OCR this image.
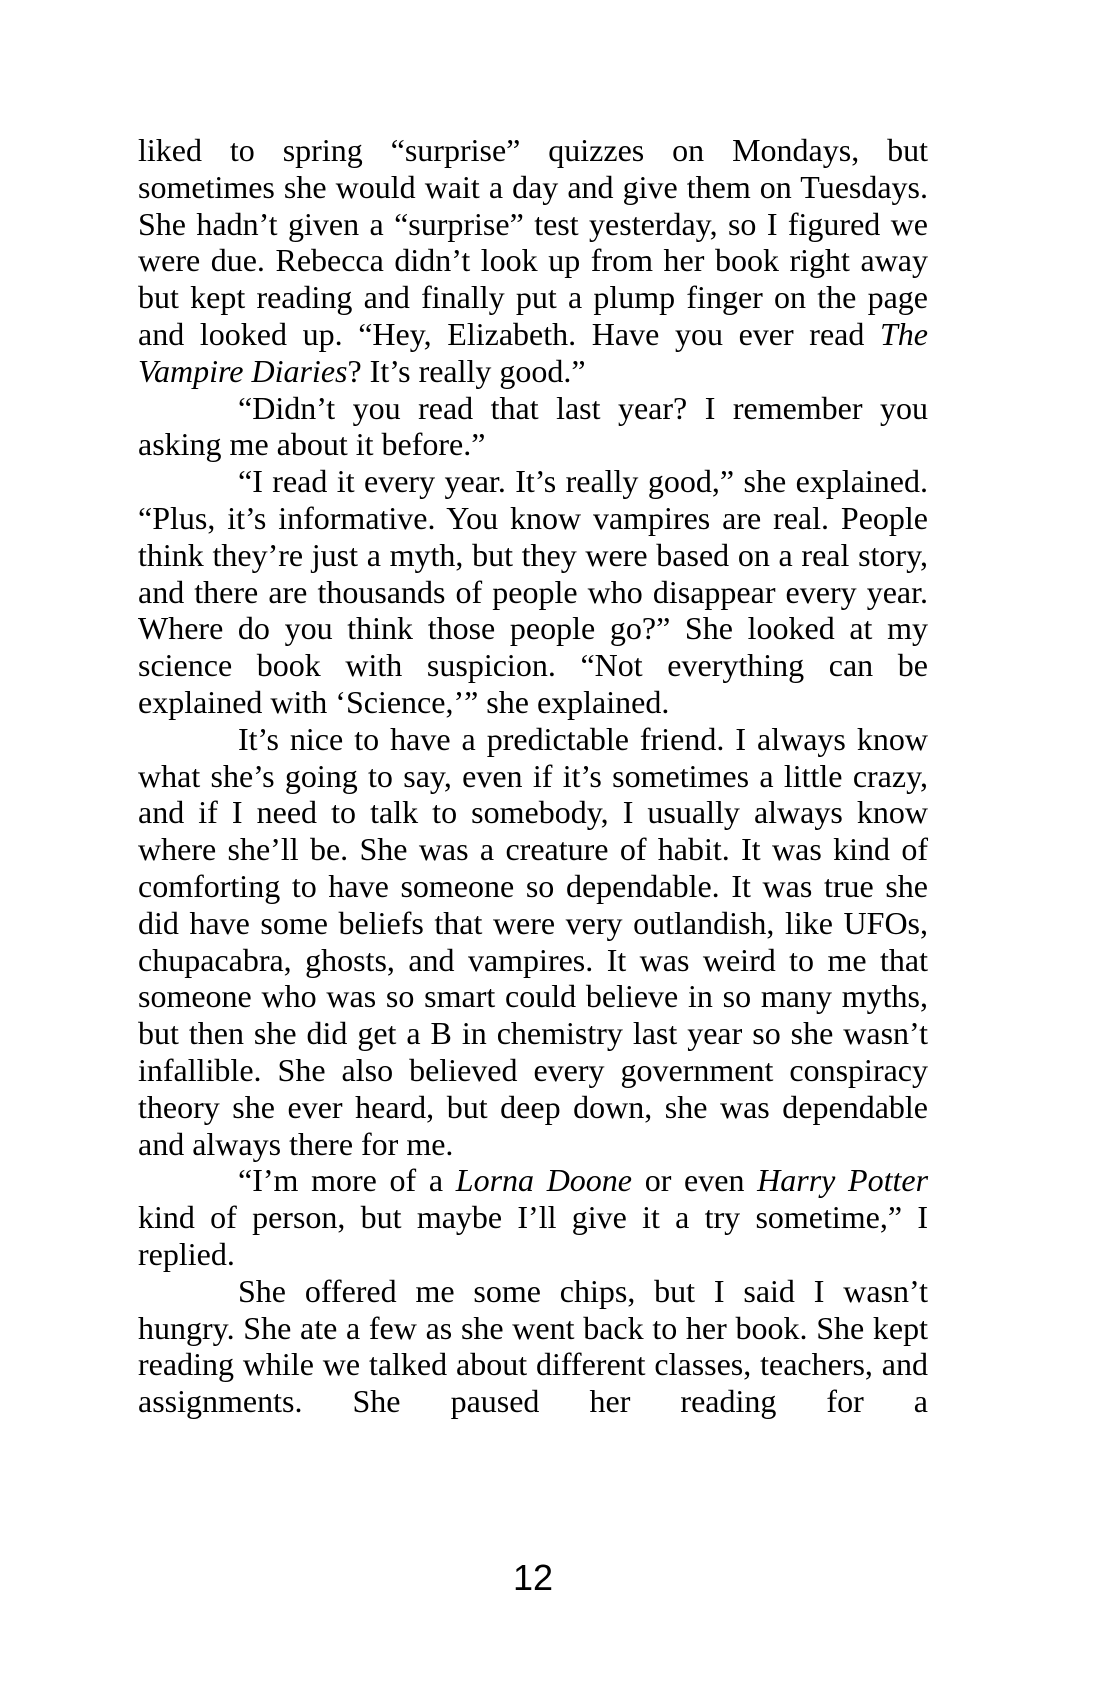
liked to spring “surprise” quizzes on Mondays, but sometimes she would wait a day and give them on Tuesdays. She hadn’t given a “surprise” test yesterday, so I figured we were due. Rebecca didn’t look up from her book right away but kept reading and finally put a plump finger on the page and looked up. “Hey, Elizabeth. Have you ever read The Vampire Diaries? It’s really good.”

“Didn’t you read that last year? I remember you asking me about it before.”

“I read it every year. It’s really good,” she explained. “Plus, it’s informative. You know vampires are real. People think they’re just a myth, but they were based on a real story, and there are thousands of people who disappear every year. Where do you think those people go?” She looked at my science book with suspicion. “Not everything can be explained with ‘Science,’” she explained.

It’s nice to have a predictable friend. I always know what she’s going to say, even if it’s sometimes a little crazy, and if I need to talk to somebody, I usually always know where she’ll be. She was a creature of habit. It was kind of comforting to have someone so dependable. It was true she did have some beliefs that were very outlandish, like UFOs, chupacabra, ghosts, and vampires. It was weird to me that someone who was so smart could believe in so many myths, but then she did get a B in chemistry last year so she wasn’t infallible. She also believed every government conspiracy theory she ever heard, but deep down, she was dependable and always there for me.

“I’m more of a Lorna Doone or even Harry Potter kind of person, but maybe I’ll give it a try sometime,” I replied.

She offered me some chips, but I said I wasn’t hungry. She ate a few as she went back to her book. She kept reading while we talked about different classes, teachers, and assignments. She paused her reading for a

12
